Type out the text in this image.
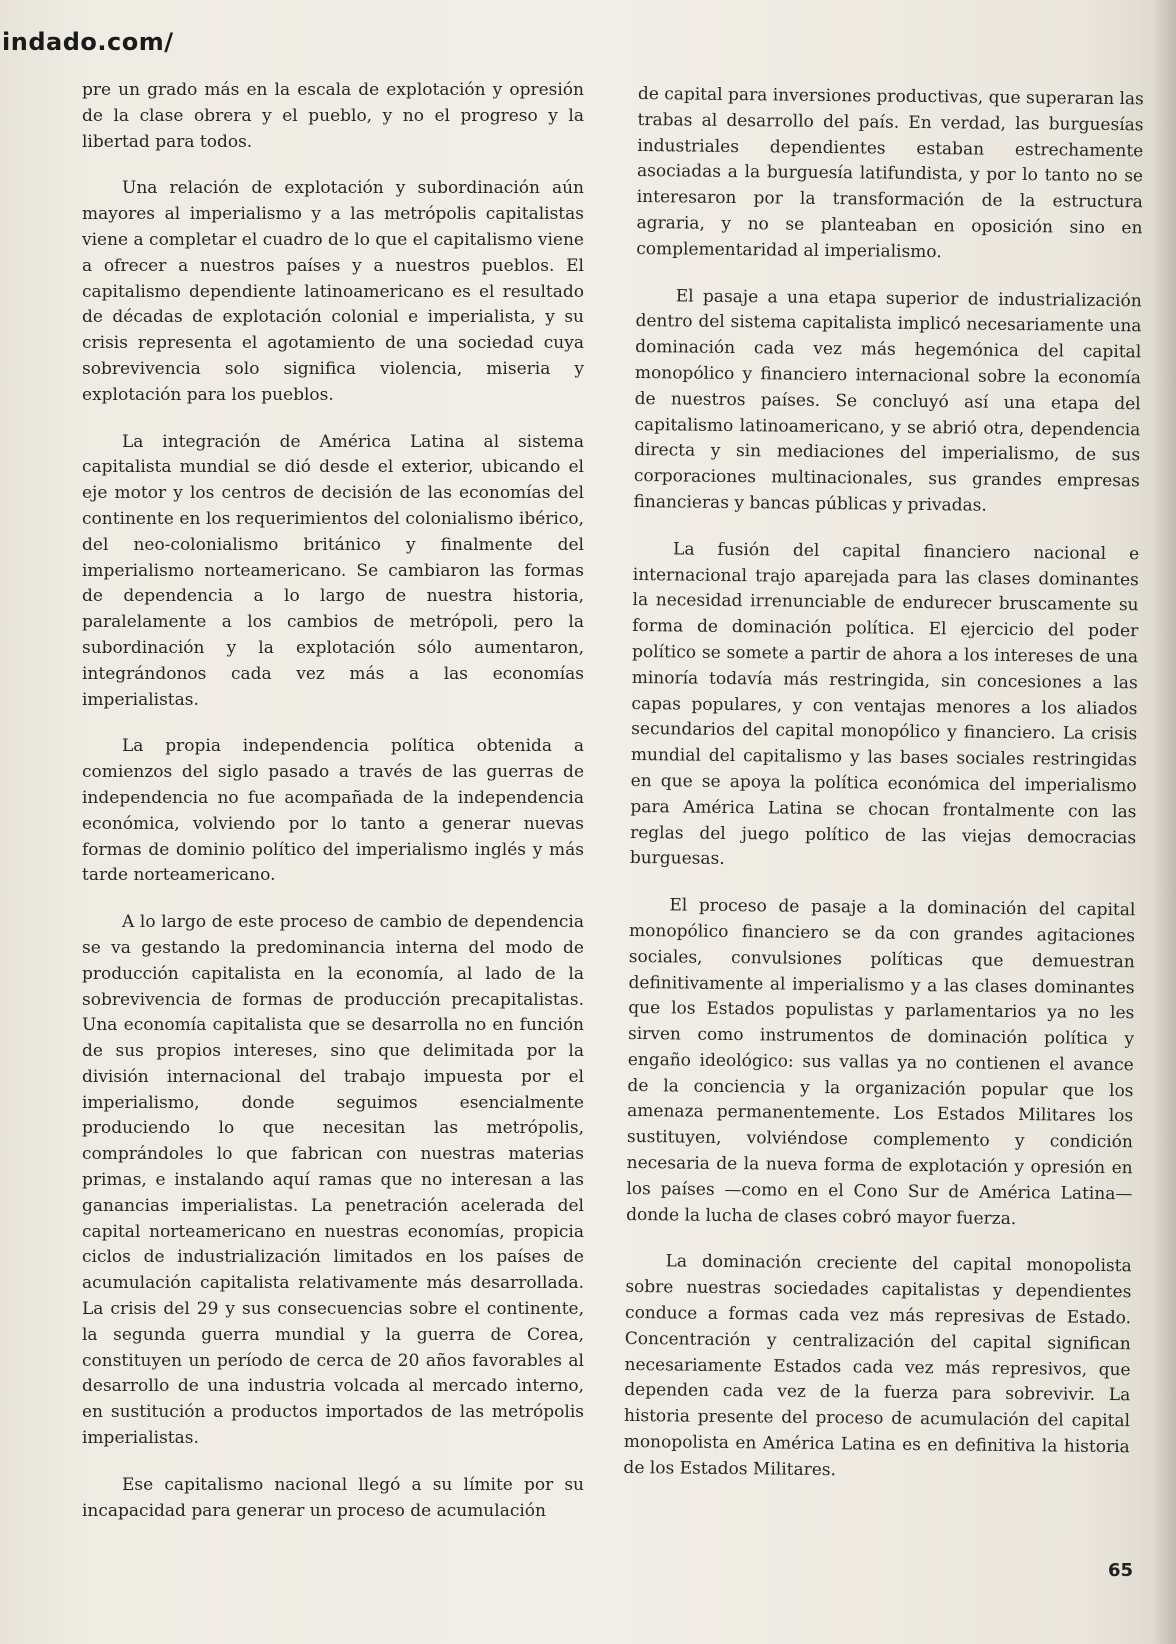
indado.com/

pre un grado más en la escala de explotación y opresión de la clase obrera y el pueblo, y no el progreso y la libertad para todos.

Una relación de explotación y subordinación aún mayores al imperialismo y a las metrópolis capitalistas viene a completar el cuadro de lo que el capitalismo viene a ofrecer a nuestros países y a nuestros pueblos. El capitalismo dependiente latinoamericano es el resultado de décadas de explotación colonial e imperialista, y su crisis representa el agotamiento de una sociedad cuya sobrevivencia solo significa violencia, miseria y explotación para los pueblos.

La integración de América Latina al sistema capitalista mundial se dió desde el exterior, ubicando el eje motor y los centros de decisión de las economías del continente en los requerimientos del colonialismo ibérico, del neo-colonialismo británico y finalmente del imperialismo norteamericano. Se cambiaron las formas de dependencia a lo largo de nuestra historia, paralelamente a los cambios de metrópoli, pero la subordinación y la explotación sólo aumentaron, integrándonos cada vez más a las economías imperialistas.

La propia independencia política obtenida a comienzos del siglo pasado a través de las guerras de independencia no fue acompañada de la independencia económica, volviendo por lo tanto a generar nuevas formas de dominio político del imperialismo inglés y más tarde norteamericano.

A lo largo de este proceso de cambio de dependencia se va gestando la predominancia interna del modo de producción capitalista en la economía, al lado de la sobrevivencia de formas de producción precapitalistas. Una economía capitalista que se desarrolla no en función de sus propios intereses, sino que delimitada por la división internacional del trabajo impuesta por el imperialismo, donde seguimos esencialmente produciendo lo que necesitan las metrópolis, comprándoles lo que fabrican con nuestras materias primas, e instalando aquí ramas que no interesan a las ganancias imperialistas. La penetración acelerada del capital norteamericano en nuestras economías, propicia ciclos de industrialización limitados en los países de acumulación capitalista relativamente más desarrollada. La crisis del 29 y sus consecuencias sobre el continente, la segunda guerra mundial y la guerra de Corea, constituyen un período de cerca de 20 años favorables al desarrollo de una industria volcada al mercado interno, en sustitución a productos importados de las metrópolis imperialistas.

Ese capitalismo nacional llegó a su límite por su incapacidad para generar un proceso de acumulación

de capital para inversiones productivas, que superaran las trabas al desarrollo del país. En verdad, las burguesías industriales dependientes estaban estrechamente asociadas a la burguesía latifundista, y por lo tanto no se interesaron por la transformación de la estructura agraria, y no se planteaban en oposición sino en complementaridad al imperialismo.

El pasaje a una etapa superior de industrialización dentro del sistema capitalista implicó necesariamente una dominación cada vez más hegemónica del capital monopólico y financiero internacional sobre la economía de nuestros países. Se concluyó así una etapa del capitalismo latinoamericano, y se abrió otra, dependencia directa y sin mediaciones del imperialismo, de sus corporaciones multinacionales, sus grandes empresas financieras y bancas públicas y privadas.

La fusión del capital financiero nacional e internacional trajo aparejada para las clases dominantes la necesidad irrenunciable de endurecer bruscamente su forma de dominación política. El ejercicio del poder político se somete a partir de ahora a los intereses de una minoría todavía más restringida, sin concesiones a las capas populares, y con ventajas menores a los aliados secundarios del capital monopólico y financiero. La crisis mundial del capitalismo y las bases sociales restringidas en que se apoya la política económica del imperialismo para América Latina se chocan frontalmente con las reglas del juego político de las viejas democracias burguesas.

El proceso de pasaje a la dominación del capital monopólico financiero se da con grandes agitaciones sociales, convulsiones políticas que demuestran definitivamente al imperialismo y a las clases dominantes que los Estados populistas y parlamentarios ya no les sirven como instrumentos de dominación política y engaño ideológico: sus vallas ya no contienen el avance de la conciencia y la organización popular que los amenaza permanentemente. Los Estados Militares los sustituyen, volviéndose complemento y condición necesaria de la nueva forma de explotación y opresión en los países —como en el Cono Sur de América Latina— donde la lucha de clases cobró mayor fuerza.

La dominación creciente del capital monopolista sobre nuestras sociedades capitalistas y dependientes conduce a formas cada vez más represivas de Estado. Concentración y centralización del capital significan necesariamente Estados cada vez más represivos, que dependen cada vez de la fuerza para sobrevivir. La historia presente del proceso de acumulación del capital monopolista en América Latina es en definitiva la historia de los Estados Militares.

65
